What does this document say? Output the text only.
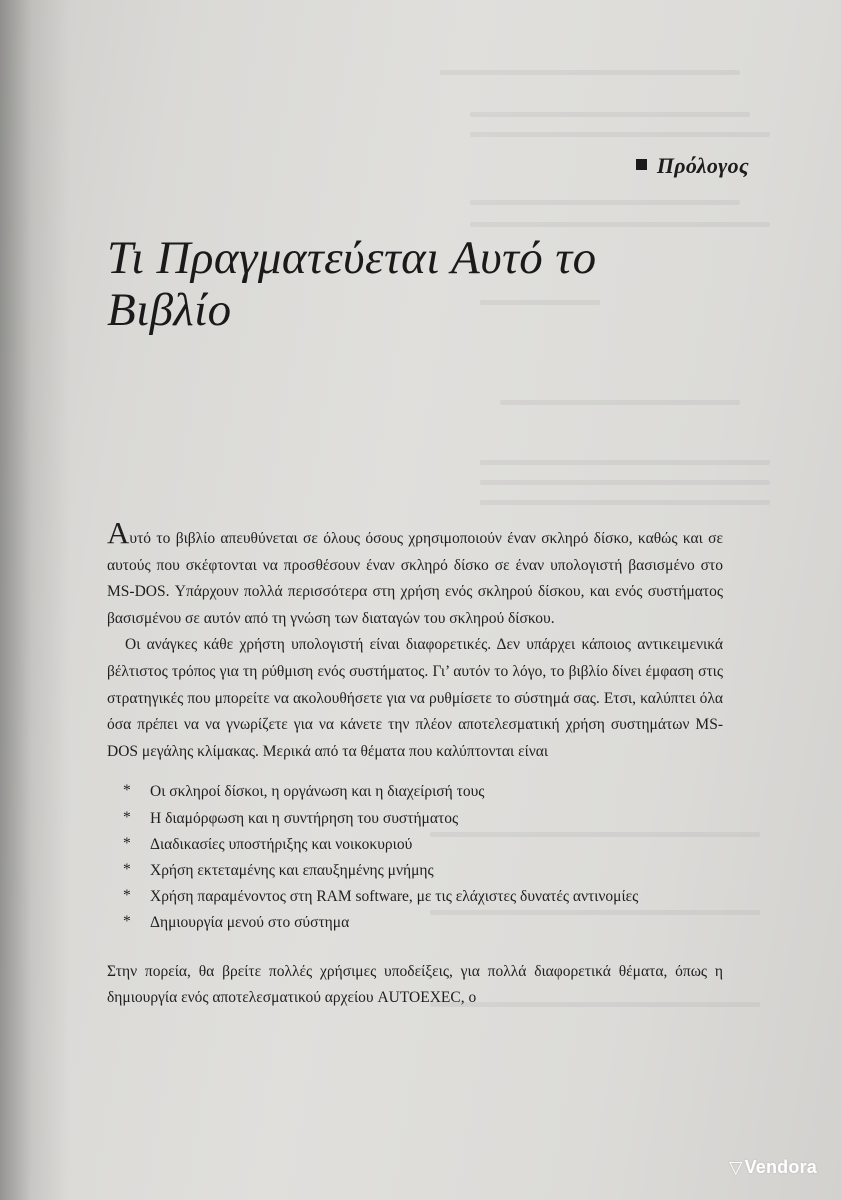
Πρόλογος
Τι Πραγματεύεται Αυτό το
Βιβλίο

Αυτό το βιβλίο απευθύνεται σε όλους όσους χρησιμοποιούν έναν σκληρό δίσκο, καθώς και σε αυτούς που σκέφτονται να προσθέσουν έναν σκληρό δίσκο σε έναν υπολογιστή βασισμένο στο MS-DOS. Υπάρχουν πολλά περισσότερα στη χρήση ενός σκληρού δίσκου, και ενός συστήματος βασισμένου σε αυτόν από τη γνώση των διαταγών του σκληρού δίσκου.

Οι ανάγκες κάθε χρήστη υπολογιστή είναι διαφορετικές. Δεν υπάρχει κάποιος αντικειμενικά βέλτιστος τρόπος για τη ρύθμιση ενός συστήματος. Γι’ αυτόν το λόγο, το βιβλίο δίνει έμφαση στις στρατηγικές που μπορείτε να ακολουθήσετε για να ρυθμίσετε το σύστημά σας. Ετσι, καλύπτει όλα όσα πρέπει να να γνωρίζετε για να κάνετε την πλέον αποτελεσματική χρήση συστημάτων MS-DOS μεγάλης κλίμακας. Μερικά από τα θέματα που καλύπτονται είναι

* Οι σκληροί δίσκοι, η οργάνωση και η διαχείρισή τους
* Η διαμόρφωση και η συντήρηση του συστήματος
* Διαδικασίες υποστήριξης και νοικοκυριού
* Χρήση εκτεταμένης και επαυξημένης μνήμης
* Χρήση παραμένοντος στη RAM software, με τις ελάχιστες δυνατές αντινομίες
* Δημιουργία μενού στο σύστημα

Στην πορεία, θα βρείτε πολλές χρήσιμες υποδείξεις, για πολλά διαφορετικά θέματα, όπως η δημιουργία ενός αποτελεσματικού αρχείου AUTOEXEC, ο

▽ Vendora
